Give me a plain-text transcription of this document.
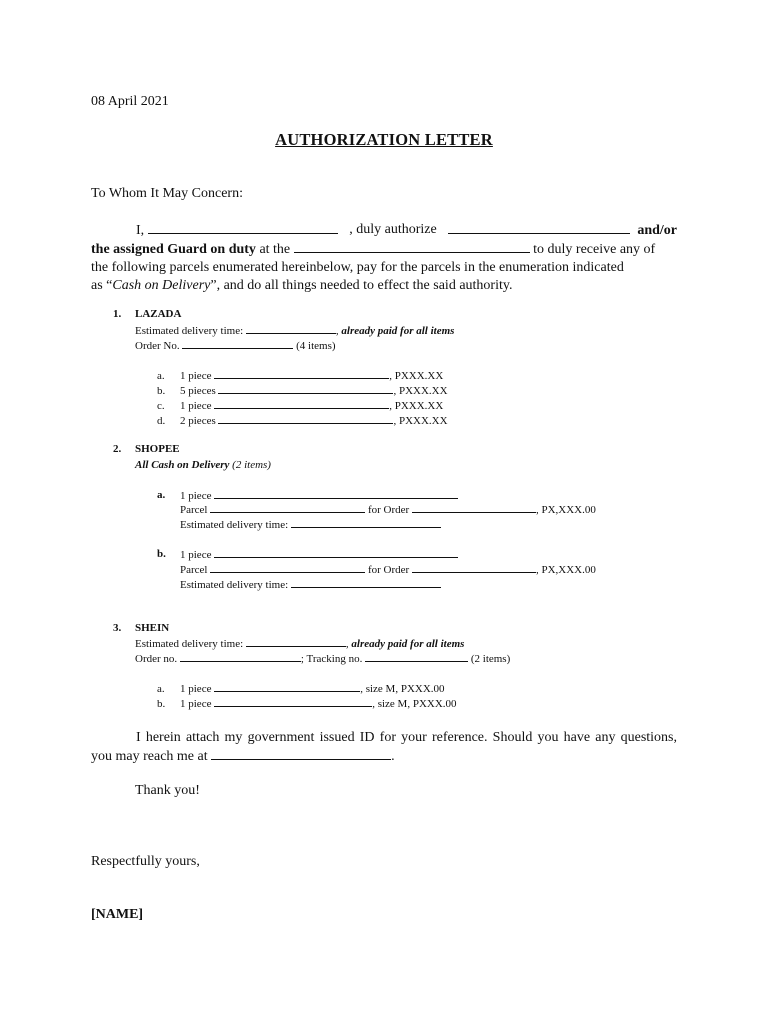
08 April 2021
AUTHORIZATION LETTER
To Whom It May Concern:
I,	, duly authorize	and/or
the assigned Guard on duty at the	to duly receive any of
the following parcels enumerated hereinbelow, pay for the parcels in the enumeration indicated
as “Cash on Delivery”, and do all things needed to effect the said authority.
1. LAZADA
Estimated delivery time:	, already paid for all items
Order No.	(4 items)
a. 1 piece	, PXXX.XX
b. 5 pieces	, PXXX.XX
c. 1 piece	, PXXX.XX
d. 2 pieces	, PXXX.XX
2. SHOPEE
All Cash on Delivery (2 items)
a. 1 piece
Parcel	for Order	, PX,XXX.00
Estimated delivery time:
b. 1 piece
Parcel	for Order	, PX,XXX.00
Estimated delivery time:
3. SHEIN
Estimated delivery time:	, already paid for all items
Order no.	; Tracking no.	(2 items)
a. 1 piece	, size M, PXXX.00
b. 1 piece	, size M, PXXX.00
I herein attach my government issued ID for your reference. Should you have any questions, you may reach me at	.
Thank you!
Respectfully yours,
[NAME]
